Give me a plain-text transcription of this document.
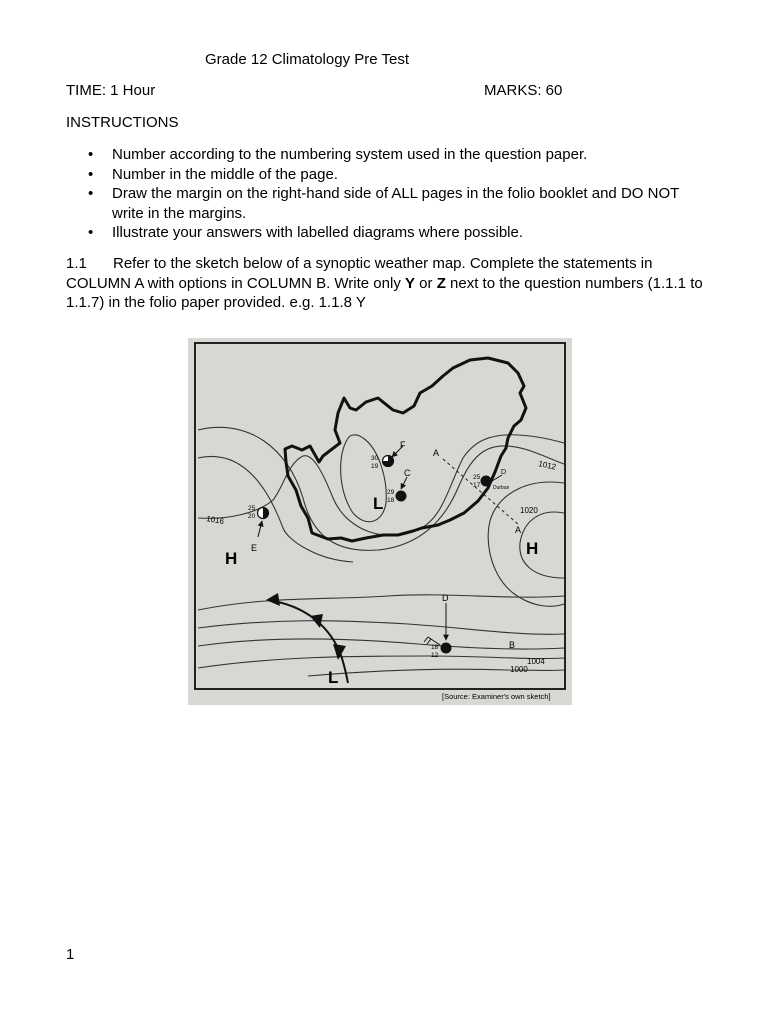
Grade 12 Climatology Pre Test
TIME: 1 Hour	MARKS: 60
INSTRUCTIONS
• Number according to the numbering system used in the question paper.
• Number in the middle of the page.
• Draw the margin on the right-hand side of ALL pages in the folio booklet and DO NOT write in the margins.
• Illustrate your answers with labelled diagrams where possible.
1.1 Refer to the sketch below of a synoptic weather map. Complete the statements in COLUMN A with options in COLUMN B. Write only Y or Z next to the question numbers (1.1.1 to 1.1.7) in the folio paper provided. e.g. 1.1.8 Y
H
H
L
L
1012
1016
1020
1004
1000
A
A
B
C
D
D
E
F
30
19
29
18
25
20
25
17	Durban
18
12
[Source: Examiner's own sketch]
1
